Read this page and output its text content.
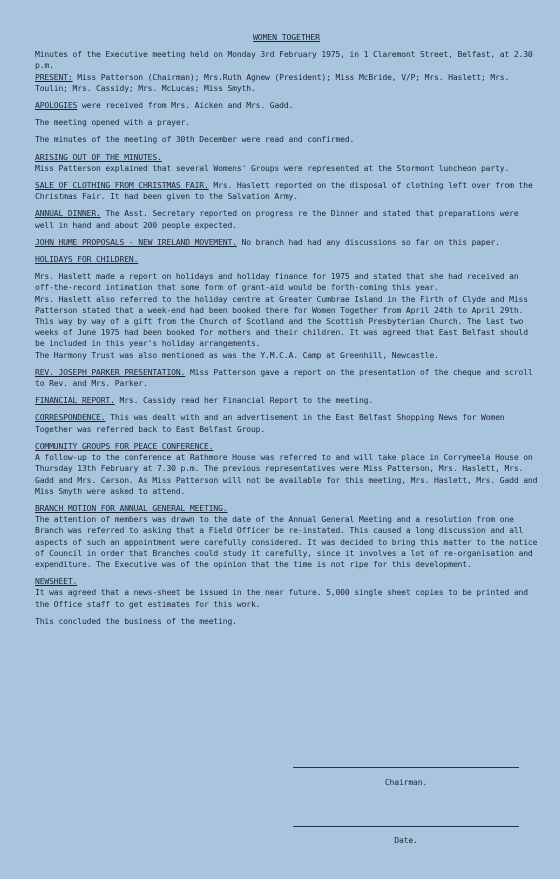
WOMEN TOGETHER

Minutes of the Executive meeting held on Monday 3rd February 1975, in 1 Claremont Street, Belfast, at 2.30 p.m.
PRESENT: Miss Patterson (Chairman); Mrs.Ruth Agnew (President); Miss McBride, V/P; Mrs. Haslett; Mrs. Toulin; Mrs. Cassidy; Mrs. McLucas; Miss Smyth.

APOLOGIES were received from Mrs. Aicken and Mrs. Gadd.

The meeting opened with a prayer.

The minutes of the meeting of 30th December were read and confirmed.

ARISING OUT OF THE MINUTES.
Miss Patterson explained that several Womens' Groups were represented at the Stormont luncheon party.

SALE OF CLOTHING FROM CHRISTMAS FAIR. Mrs. Haslett reported on the disposal of clothing left over from the Christmas Fair. It had been given to the Salvation Army.

ANNUAL DINNER. The Asst. Secretary reported on progress re the Dinner and stated that preparations were well in hand and about 200 people expected.

JOHN HUME PROPOSALS - NEW IRELAND MOVEMENT. No branch had had any discussions so far on this paper.

HOLIDAYS FOR CHILDREN.

Mrs. Haslett made a report on holidays and holiday finance for 1975 and stated that she had received an off-the-record intimation that some form of grant-aid would be forth-coming this year.
Mrs. Haslett also referred to the holiday centre at Greater Cumbrae Island in the Firth of Clyde and Miss Patterson stated that a week-end had been booked there for Women Together from April 24th to April 29th. This way by way of a gift from the Church of Scotland and the Scottish Presbyterian Church. The last two weeks of June 1975 had been booked for mothers and their children. It was agreed that East Belfast should be included in this year's holiday arrangements.
The Harmony Trust was also mentioned as was the Y.M.C.A. Camp at Greenhill, Newcastle.

REV. JOSEPH PARKER PRESENTATION. Miss Patterson gave a report on the presentation of the cheque and scroll to Rev. and Mrs. Parker.

FINANCIAL REPORT. Mrs. Cassidy read her Financial Report to the meeting.

CORRESPONDENCE. This was dealt with and an advertisement in the East Belfast Shopping News for Women Together was referred back to East Belfast Group.

COMMUNITY GROUPS FOR PEACE CONFERENCE.
A follow-up to the conference at Rathmore House was referred to and will take place in Corrymeela House on Thursday 13th February at 7.30 p.m. The previous representatives were Miss Patterson, Mrs. Haslett, Mrs. Gadd and Mrs. Carson. As Miss Patterson will not be available for this meeting, Mrs. Haslett, Mrs. Gadd and Miss Smyth were asked to attend.

BRANCH MOTION FOR ANNUAL GENERAL MEETING.
The attention of members was drawn to the date of the Annual General Meeting and a resolution from one Branch was referred to asking that a Field Officer be re-instated. This caused a long discussion and all aspects of such an appointment were carefully considered. It was decided to bring this matter to the notice of Council in order that Branches could study it carefully, since it involves a lot of re-organisation and expenditure. The Executive was of the opinion that the time is not ripe for this development.

NEWSHEET.
It was agreed that a news-sheet be issued in the near future. 5,000 single sheet copies to be printed and the Office staff to get estimates for this work.

This concluded the business of the meeting.

Chairman.
Date.
